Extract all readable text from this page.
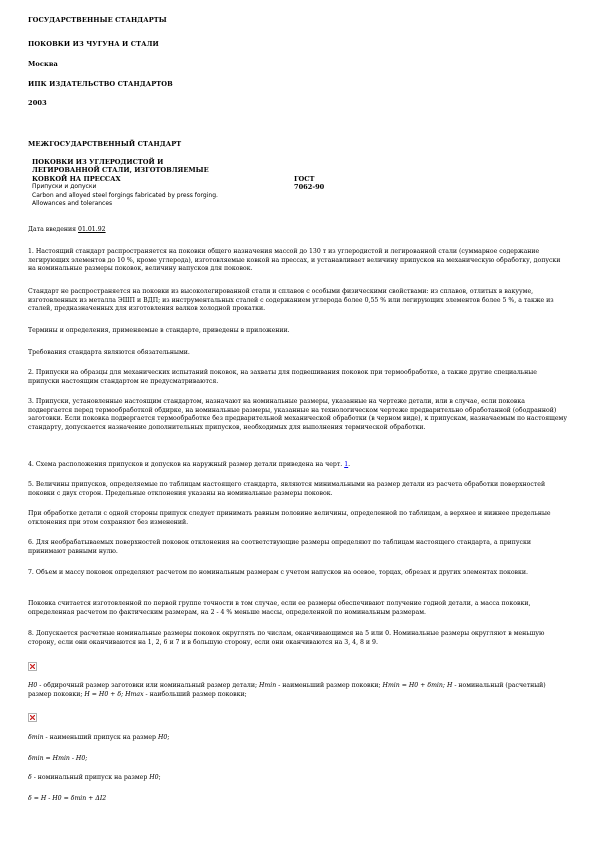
ГОСУДАРСТВЕННЫЕ СТАНДАРТЫ
ПОКОВКИ ИЗ ЧУГУНА И СТАЛИ
Москва
ИПК ИЗДАТЕЛЬСТВО СТАНДАРТОВ
2003
МЕЖГОСУДАРСТВЕННЫЙ СТАНДАРТ
ПОКОВКИ ИЗ УГЛЕРОДИСТОЙ И
ЛЕГИРОВАННОЙ СТАЛИ, ИЗГОТОВЛЯЕМЫЕ
КОВКОЙ НА ПРЕССАХ
Припуски и допуски
Carbon and alloyed steel forgings fabricated by press forging.
Allowances and tolerances
ГОСТ
7062-90
Дата введения 01.01.92
1. Настоящий стандарт распространяется на поковки общего назначения массой до 130 т из углеродистой и легированной стали (суммарное содержание легирующих элементов до 10 %, кроме углерода), изготовляемые ковкой на прессах, и устанавливает величину припусков на механическую обработку, допуски на номинальные размеры поковок, величину напусков для поковок.
Стандарт не распространяется на поковки из высоколегированной стали и сплавов с особыми физическими свойствами: из сплавов, отлитых в вакууме, изготовленных из металла ЭШП и ВДП; из инструментальных сталей с содержанием углерода более 0,55 % или легирующих элементов более 5 %, а также из сталей, предназначенных для изготовления валков холодной прокатки.
Термины и определения, применяемые в стандарте, приведены в приложении.
Требования стандарта являются обязательными.
2. Припуски на образцы для механических испытаний поковок, на захваты для подвешивания поковок при термообработке, а также другие специальные припуски настоящим стандартом не предусматриваются.
3. Припуски, установленные настоящим стандартом, назначают на номинальные размеры, указанные на чертеже детали, или в случае, если поковка подвергается перед термообработкой обдирке, на номинальные размеры, указанные на технологическом чертеже предварительно обработанной (ободранной) заготовки. Если поковка подвергается термообработке без предварительной механической обработки (в черном виде), к припускам, назначаемым по настоящему стандарту, допускается назначение дополнительных припусков, необходимых для выполнения термической обработки.
4. Схема расположения припусков и допусков на наружный размер детали приведена на черт. 1.
5. Величины припусков, определяемые по таблицам настоящего стандарта, являются минимальными на размер детали из расчета обработки поверхностей поковки с двух сторон. Предельные отклонения указаны на номинальные размеры поковок.
При обработке детали с одной стороны припуск следует принимать равным половине величины, определенной по таблицам, а верхнее и нижнее предельные отклонения при этом сохраняют без изменений.
6. Для необрабатываемых поверхностей поковок отклонения на соответствующие размеры определяют по таблицам настоящего стандарта, а припуски принимают равными нулю.
7. Объем и массу поковок определяют расчетом по номинальным размерам с учетом напусков на осевое, торцах, обрезах и других элементах поковки.
Поковка считается изготовленной по первой группе точности в том случае, если ее размеры обеспечивают получение годной детали, а масса поковки, определенная расчетом по фактическим размерам, на 2 - 4 % меньше массы, определенной по номинальным размерам.
8. Допускается расчетные номинальные размеры поковок округлять по числам, оканчивающимся на 5 или 0. Номинальные размеры округляют в меньшую сторону, если они оканчиваются на 1, 2, 6 и 7 и в большую сторону, если они оканчиваются на 3, 4, 8 и 9.
H0 - обдирочный размер заготовки или номинальный размер детали; Hmin - наименьший размер поковки; Hmin = H0 + δmin; H - номинальный (расчетный) размер поковки; H = H0 + δ; Hmax - наибольший размер поковки;
δmin - наименьший припуск на размер H0;
δmin = Hmin - H0;
δ - номинальный припуск на размер H0;
δ = H - H0 = δmin + ΔI2
